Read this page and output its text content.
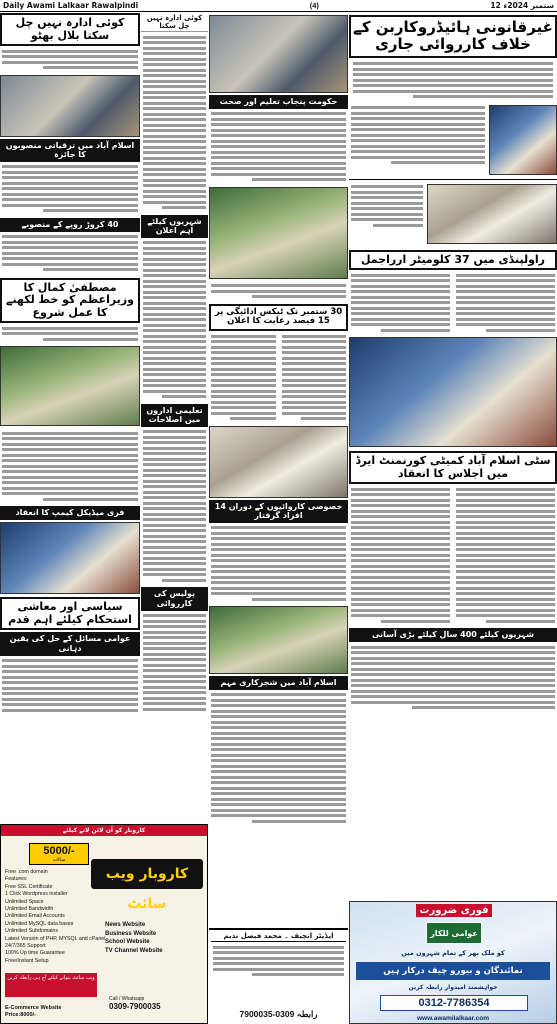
Daily Awami Lalkaar Rawalpindi	(4)	12 ستمبر 2024ء
غیرقانونی ہائیڈروکاربن کے خلاف کارروائی جاری
راولپنڈی میں 37 کلومیٹر ارراجمل
سٹی اسلام آباد کمیٹی کورنمنٹ ایرڈ میں اجلاس کا انعقاد
شہریوں کیلئے 400 سال کیلئے بڑی آسانی
حکومت پنجاب تعلیم اور صحت
30 ستمبر تک ٹیکس ادائیگی پر 15 فیصد رعایت کا اعلان
خصوصی کاروائیوں کے دوران 14 افراد گرفتار
اسلام آباد میں شجرکاری مہم
کوئی ادارہ نہیں چل سکتا
شہریوں کیلئے اہم اعلان
تعلیمی اداروں میں اصلاحات
پولیس کی کارروائی
کوئی ادارہ نہیں چل سکتا بلال بھٹو
اسلام آباد میں ترقیاتی منصوبوں کا جائزہ
40 کروڑ روپے کے منصوبے
مصطفیٰ کمال کا وزیراعظم کو خط لکھنے کا عمل شروع
فری میڈیکل کیمپ کا انعقاد
سیاسی اور معاشی استحکام کیلئے اہم قدم
عوامی مسائل کے حل کی یقین دہانی
کاروبار کو آن لائن لانے کیلئے
5000/-
سالانہ
کاروبار ویب سائٹ
Free .com domain
Features:
Free SSL Certificate
1 Click Wordpress installer
Unlimited Space
Unlimited Bandwidth
Unlimited Email Accounts
Unlimited MySQL data bases
Unlimited Subdomains
Latest Version of PHP, MYSQL and cPanel
24/7/365 Support
100% Up time Guarantee
Free/Instant Setup
News Website
Business Website
School Website
TV Channel Website
ویب سائٹ بنوانے کیلئے آج ہی رابطہ کریں
Call / Whatsapp
0309-7900035
E-Commerce Website
Price:8000/-
ایڈیٹر انچیف ۔ محمد فیصل ندیم
رابطہ 0309-7900035
فوری ضرورت
عوامی للکار
کو ملک بھر کے تمام شہروں میں
نمائندگان و بیورو چیف درکار ہیں
خواہشمند امیدوار رابطہ کریں
0312-7786354
www.awamilalkaar.com
